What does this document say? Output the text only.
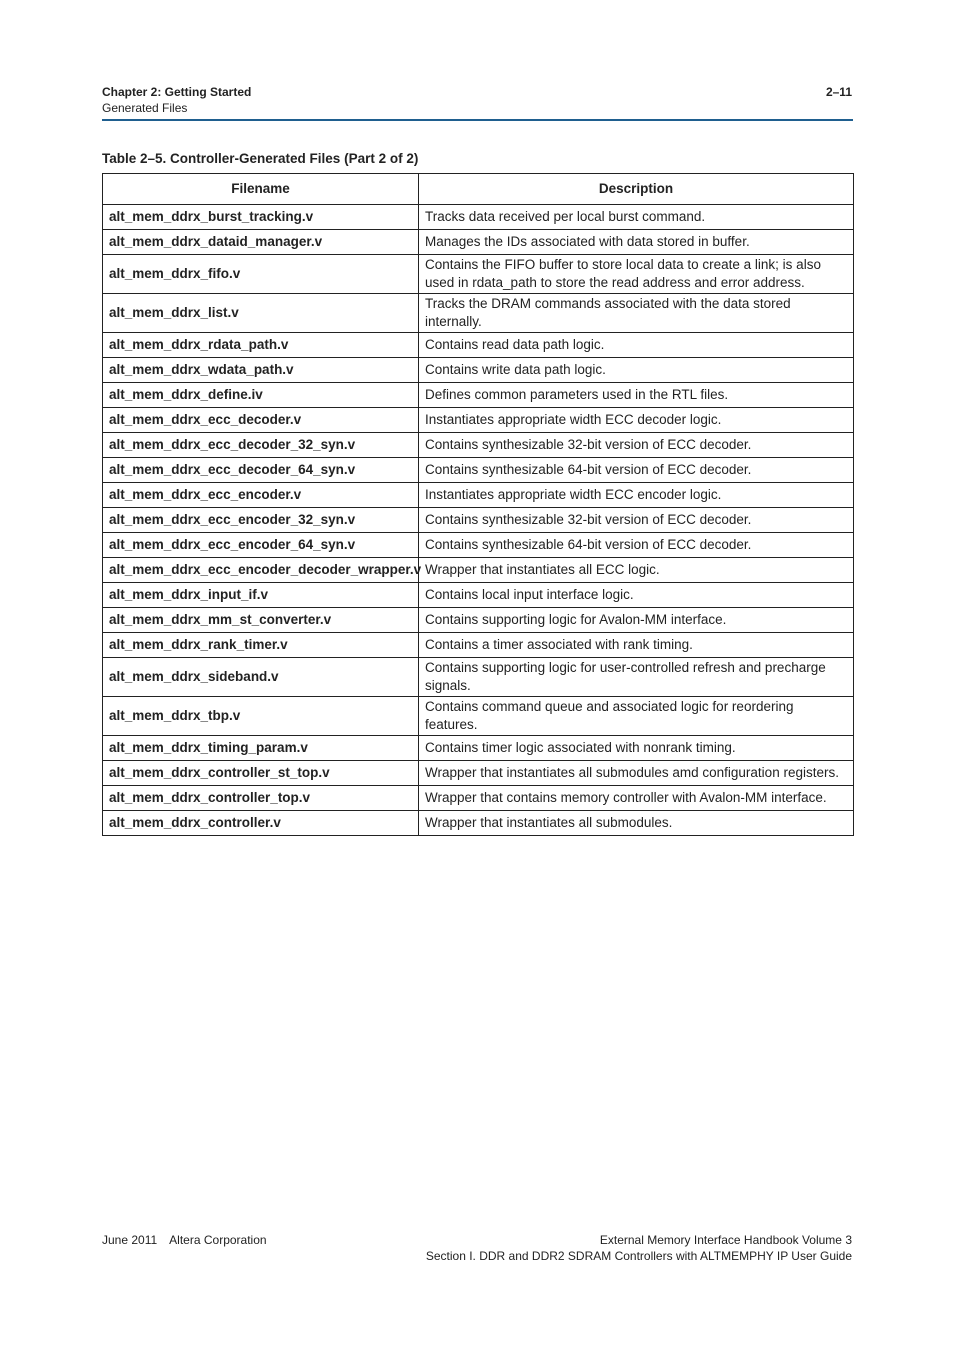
Chapter 2: Getting Started
Generated Files
2–11
Table 2–5. Controller-Generated Files (Part 2 of 2)
Filename	Description
alt_mem_ddrx_burst_tracking.v	Tracks data received per local burst command.
alt_mem_ddrx_dataid_manager.v	Manages the IDs associated with data stored in buffer.
alt_mem_ddrx_fifo.v	Contains the FIFO buffer to store local data to create a link; is also used in rdata_path to store the read address and error address.
alt_mem_ddrx_list.v	Tracks the DRAM commands associated with the data stored internally.
alt_mem_ddrx_rdata_path.v	Contains read data path logic.
alt_mem_ddrx_wdata_path.v	Contains write data path logic.
alt_mem_ddrx_define.iv	Defines common parameters used in the RTL files.
alt_mem_ddrx_ecc_decoder.v	Instantiates appropriate width ECC decoder logic.
alt_mem_ddrx_ecc_decoder_32_syn.v	Contains synthesizable 32-bit version of ECC decoder.
alt_mem_ddrx_ecc_decoder_64_syn.v	Contains synthesizable 64-bit version of ECC decoder.
alt_mem_ddrx_ecc_encoder.v	Instantiates appropriate width ECC encoder logic.
alt_mem_ddrx_ecc_encoder_32_syn.v	Contains synthesizable 32-bit version of ECC decoder.
alt_mem_ddrx_ecc_encoder_64_syn.v	Contains synthesizable 64-bit version of ECC decoder.
alt_mem_ddrx_ecc_encoder_decoder_wrapper.v	Wrapper that instantiates all ECC logic.
alt_mem_ddrx_input_if.v	Contains local input interface logic.
alt_mem_ddrx_mm_st_converter.v	Contains supporting logic for Avalon-MM interface.
alt_mem_ddrx_rank_timer.v	Contains a timer associated with rank timing.
alt_mem_ddrx_sideband.v	Contains supporting logic for user-controlled refresh and precharge signals.
alt_mem_ddrx_tbp.v	Contains command queue and associated logic for reordering features.
alt_mem_ddrx_timing_param.v	Contains timer logic associated with nonrank timing.
alt_mem_ddrx_controller_st_top.v	Wrapper that instantiates all submodules amd configuration registers.
alt_mem_ddrx_controller_top.v	Wrapper that contains memory controller with Avalon-MM interface.
alt_mem_ddrx_controller.v	Wrapper that instantiates all submodules.
June 2011 Altera Corporation	External Memory Interface Handbook Volume 3
Section I. DDR and DDR2 SDRAM Controllers with ALTMEMPHY IP User Guide
